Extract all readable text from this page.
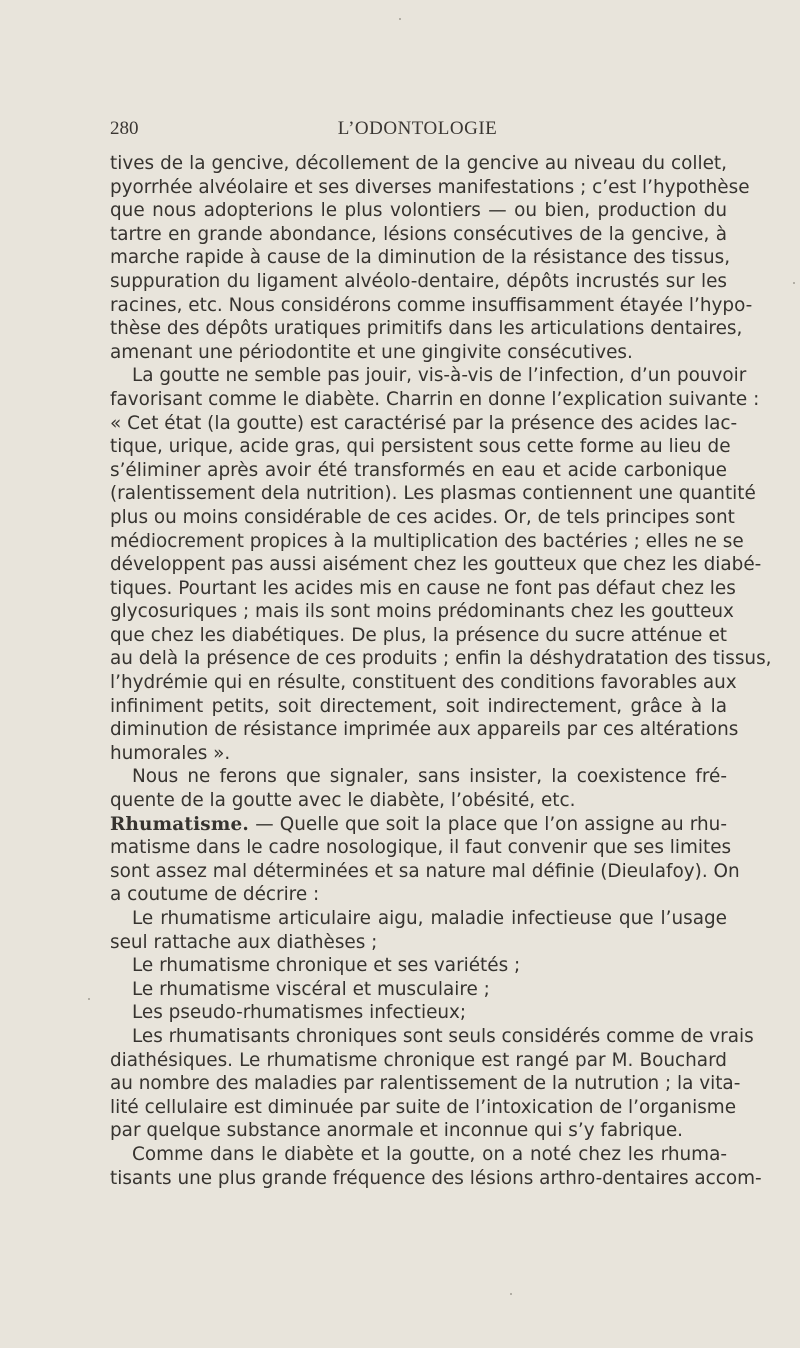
280	L’ODONTOLOGIE
tives de la gencive, décollement de la gencive au niveau du collet,
pyorrhée alvéolaire et ses diverses manifestations ; c’est l’hypothèse
que nous adopterions le plus volontiers — ou bien, production du
tartre en grande abondance, lésions consécutives de la gencive, à
marche rapide à cause de la diminution de la résistance des tissus,
suppuration du ligament alvéolo-dentaire, dépôts incrustés sur les
racines, etc. Nous considérons comme insuffisamment étayée l’hypo-
thèse des dépôts uratiques primitifs dans les articulations dentaires,
amenant une périodontite et une gingivite consécutives.
La goutte ne semble pas jouir, vis-à-vis de l’infection, d’un pouvoir
favorisant comme le diabète. Charrin en donne l’explication suivante :
« Cet état (la goutte) est caractérisé par la présence des acides lac-
tique, urique, acide gras, qui persistent sous cette forme au lieu de
s’éliminer après avoir été transformés en eau et acide carbonique
(ralentissement dela nutrition). Les plasmas contiennent une quantité
plus ou moins considérable de ces acides. Or, de tels principes sont
médiocrement propices à la multiplication des bactéries ; elles ne se
développent pas aussi aisément chez les goutteux que chez les diabé-
tiques. Pourtant les acides mis en cause ne font pas défaut chez les
glycosuriques ; mais ils sont moins prédominants chez les goutteux
que chez les diabétiques. De plus, la présence du sucre atténue et
au delà la présence de ces produits ; enfin la déshydratation des tissus,
l’hydrémie qui en résulte, constituent des conditions favorables aux
infiniment petits, soit directement, soit indirectement, grâce à la
diminution de résistance imprimée aux appareils par ces altérations
humorales ».
Nous ne ferons que signaler, sans insister, la coexistence fré-
quente de la goutte avec le diabète, l’obésité, etc.
Rhumatisme. — Quelle que soit la place que l’on assigne au rhu-
matisme dans le cadre nosologique, il faut convenir que ses limites
sont assez mal déterminées et sa nature mal définie (Dieulafoy). On
a coutume de décrire :
Le rhumatisme articulaire aigu, maladie infectieuse que l’usage
seul rattache aux diathèses ;
Le rhumatisme chronique et ses variétés ;
Le rhumatisme viscéral et musculaire ;
Les pseudo-rhumatismes infectieux;
Les rhumatisants chroniques sont seuls considérés comme de vrais
diathésiques. Le rhumatisme chronique est rangé par M. Bouchard
au nombre des maladies par ralentissement de la nutrution ; la vita-
lité cellulaire est diminuée par suite de l’intoxication de l’organisme
par quelque substance anormale et inconnue qui s’y fabrique.
Comme dans le diabète et la goutte, on a noté chez les rhuma-
tisants une plus grande fréquence des lésions arthro-dentaires accom-
